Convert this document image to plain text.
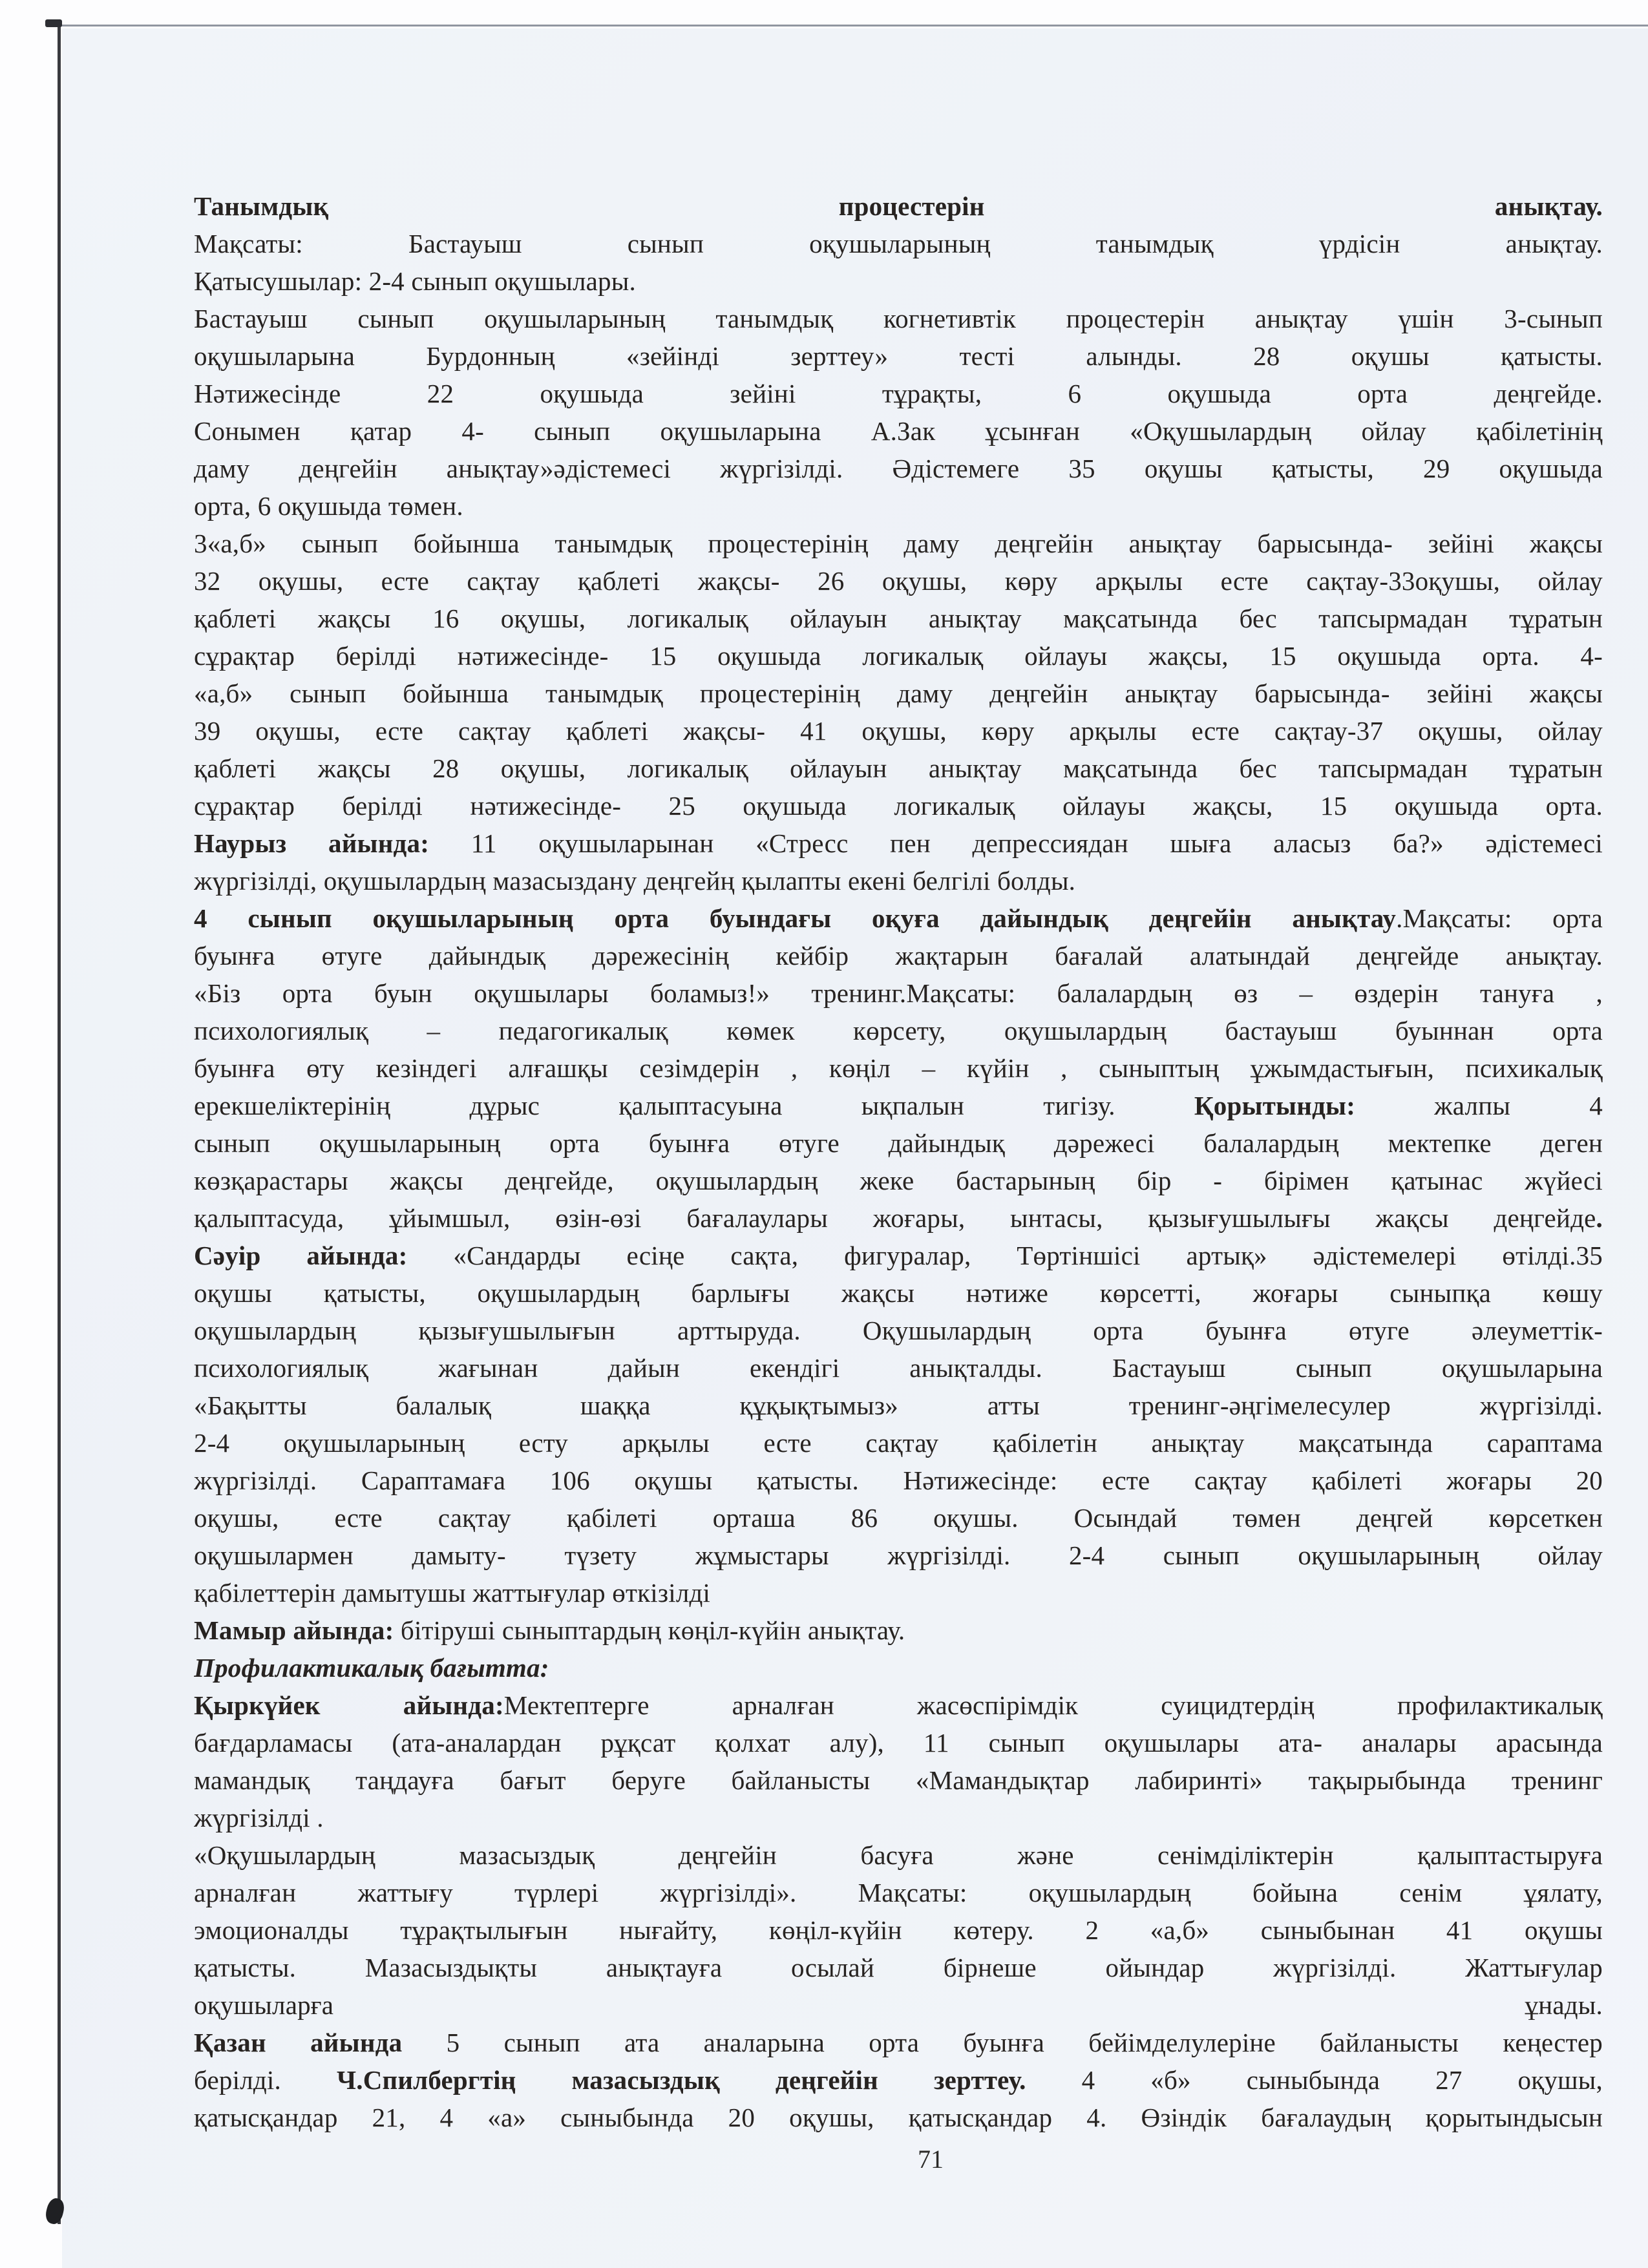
Танымдық процестерін анықтау.
Мақсаты: Бастауыш сынып оқушыларының танымдық үрдісін анықтау.
Қатысушылар: 2-4 сынып оқушылары.
Бастауыш сынып оқушыларының танымдық когнетивтік процестерін анықтау үшін 3-сынып
оқушыларына Бурдонның «зейінді зерттеу» тесті алынды. 28 оқушы қатысты.
Нәтижесінде 22 оқушыда зейіні тұрақты, 6 оқушыда орта деңгейде.
Сонымен қатар 4- сынып оқушыларына А.Зак ұсынған «Оқушылардың ойлау қабілетінің
даму деңгейін анықтау»әдістемесі жүргізілді. Әдістемеге 35 оқушы қатысты, 29 оқушыда
орта, 6 оқушыда төмен.
3«а,б» сынып бойынша танымдық процестерінің даму деңгейін анықтау барысында- зейіні жақсы
32 оқушы, есте сақтау қаблеті жақсы- 26 оқушы, көру арқылы есте сақтау-33оқушы, ойлау
қаблеті жақсы 16 оқушы, логикалық ойлауын анықтау мақсатында бес тапсырмадан тұратын
сұрақтар берілді нәтижесінде- 15 оқушыда логикалық ойлауы жақсы, 15 оқушыда орта. 4-
«а,б» сынып бойынша танымдық процестерінің даму деңгейін анықтау барысында- зейіні жақсы
39 оқушы, есте сақтау қаблеті жақсы- 41 оқушы, көру арқылы есте сақтау-37 оқушы, ойлау
қаблеті жақсы 28 оқушы, логикалық ойлауын анықтау мақсатында бес тапсырмадан тұратын
сұрақтар берілді нәтижесінде- 25 оқушыда логикалық ойлауы жақсы, 15 оқушыда орта.
Наурыз айында: 11 оқушыларынан «Стресс пен депрессиядан шыға аласыз ба?» әдістемесі
жүргізілді, оқушылардың мазасыздану деңгейң қылапты екені белгілі болды.
4 сынып оқушыларының орта буындағы оқуға дайындық деңгейін анықтау.Мақсаты: орта
буынға өтуге дайындық дәрежесінің кейбір жақтарын бағалай алатындай деңгейде анықтау.
«Біз орта буын оқушылары боламыз!» тренинг.Мақсаты: балалардың өз – өздерін тануға ,
психологиялық – педагогикалық көмек көрсету, оқушылардың бастауыш буыннан орта
буынға өту кезіндегі алғашқы сезімдерін , көңіл – күйін , сыныптың ұжымдастығын, психикалық
ерекшеліктерінің дұрыс қалыптасуына ықпалын тигізу. Қорытынды: жалпы 4
сынып оқушыларының орта буынға өтуге дайындық дәрежесі балалардың мектепке деген
көзқарастары жақсы деңгейде, оқушылардың жеке бастарының бір - бірімен қатынас жүйесі
қалыптасуда, ұйымшыл, өзін-өзі бағалаулары жоғары, ынтасы, қызығушылығы жақсы деңгейде.
Сәуір айында: «Сандарды есіңе сақта, фигуралар, Төртіншісі артық» әдістемелері өтілді.35
оқушы қатысты, оқушылардың барлығы жақсы нәтиже көрсетті, жоғары сыныпқа көшу
оқушылардың қызығушылығын арттыруда. Оқушылардың орта буынға өтуге әлеуметтік-
психологиялық жағынан дайын екендігі анықталды. Бастауыш сынып оқушыларына
«Бақытты балалық шаққа құқықтымыз» атты тренинг-әңгімелесулер жүргізілді.
2-4 оқушыларының есту арқылы есте сақтау қабілетін анықтау мақсатында сараптама
жүргізілді. Сараптамаға 106 оқушы қатысты. Нәтижесінде: есте сақтау қабілеті жоғары 20
оқушы, есте сақтау қабілеті орташа 86 оқушы. Осындай төмен деңгей көрсеткен
оқушылармен дамыту- түзету жұмыстары жүргізілді. 2-4 сынып оқушыларының ойлау
қабілеттерін дамытушы жаттығулар өткізілді
Мамыр айында: бітіруші сыныптардың көңіл-күйін анықтау.
Профилактикалық бағытта:
Қыркүйек айында:Мектептерге арналған жасөспірімдік суицидтердің профилактикалық
бағдарламасы (ата-аналардан рұқсат қолхат алу), 11 сынып оқушылары ата- аналары арасында
мамандық таңдауға бағыт беруге байланысты «Мамандықтар лабиринті» тақырыбында тренинг
жүргізілді .
«Оқушылардың мазасыздық деңгейін басуға және сенімділіктерін қалыптастыруға
арналған жаттығу түрлері жүргізілді». Мақсаты: оқушылардың бойына сенім ұялату,
эмоционалды тұрақтылығын нығайту, көңіл-күйін көтеру. 2 «а,б» сыныбынан 41 оқушы
қатысты. Мазасыздықты анықтауға осылай бірнеше ойындар жүргізілді. Жаттығулар
оқушыларға ұнады.
Қазан айында 5 сынып ата аналарына орта буынға бейімделулеріне байланысты кеңестер
берілді. Ч.Спилбергтің мазасыздық деңгейін зерттеу. 4 «б» сыныбында 27 оқушы,
қатысқандар 21, 4 «а» сыныбында 20 оқушы, қатысқандар 4. Өзіндік бағалаудың қорытындысын
71
